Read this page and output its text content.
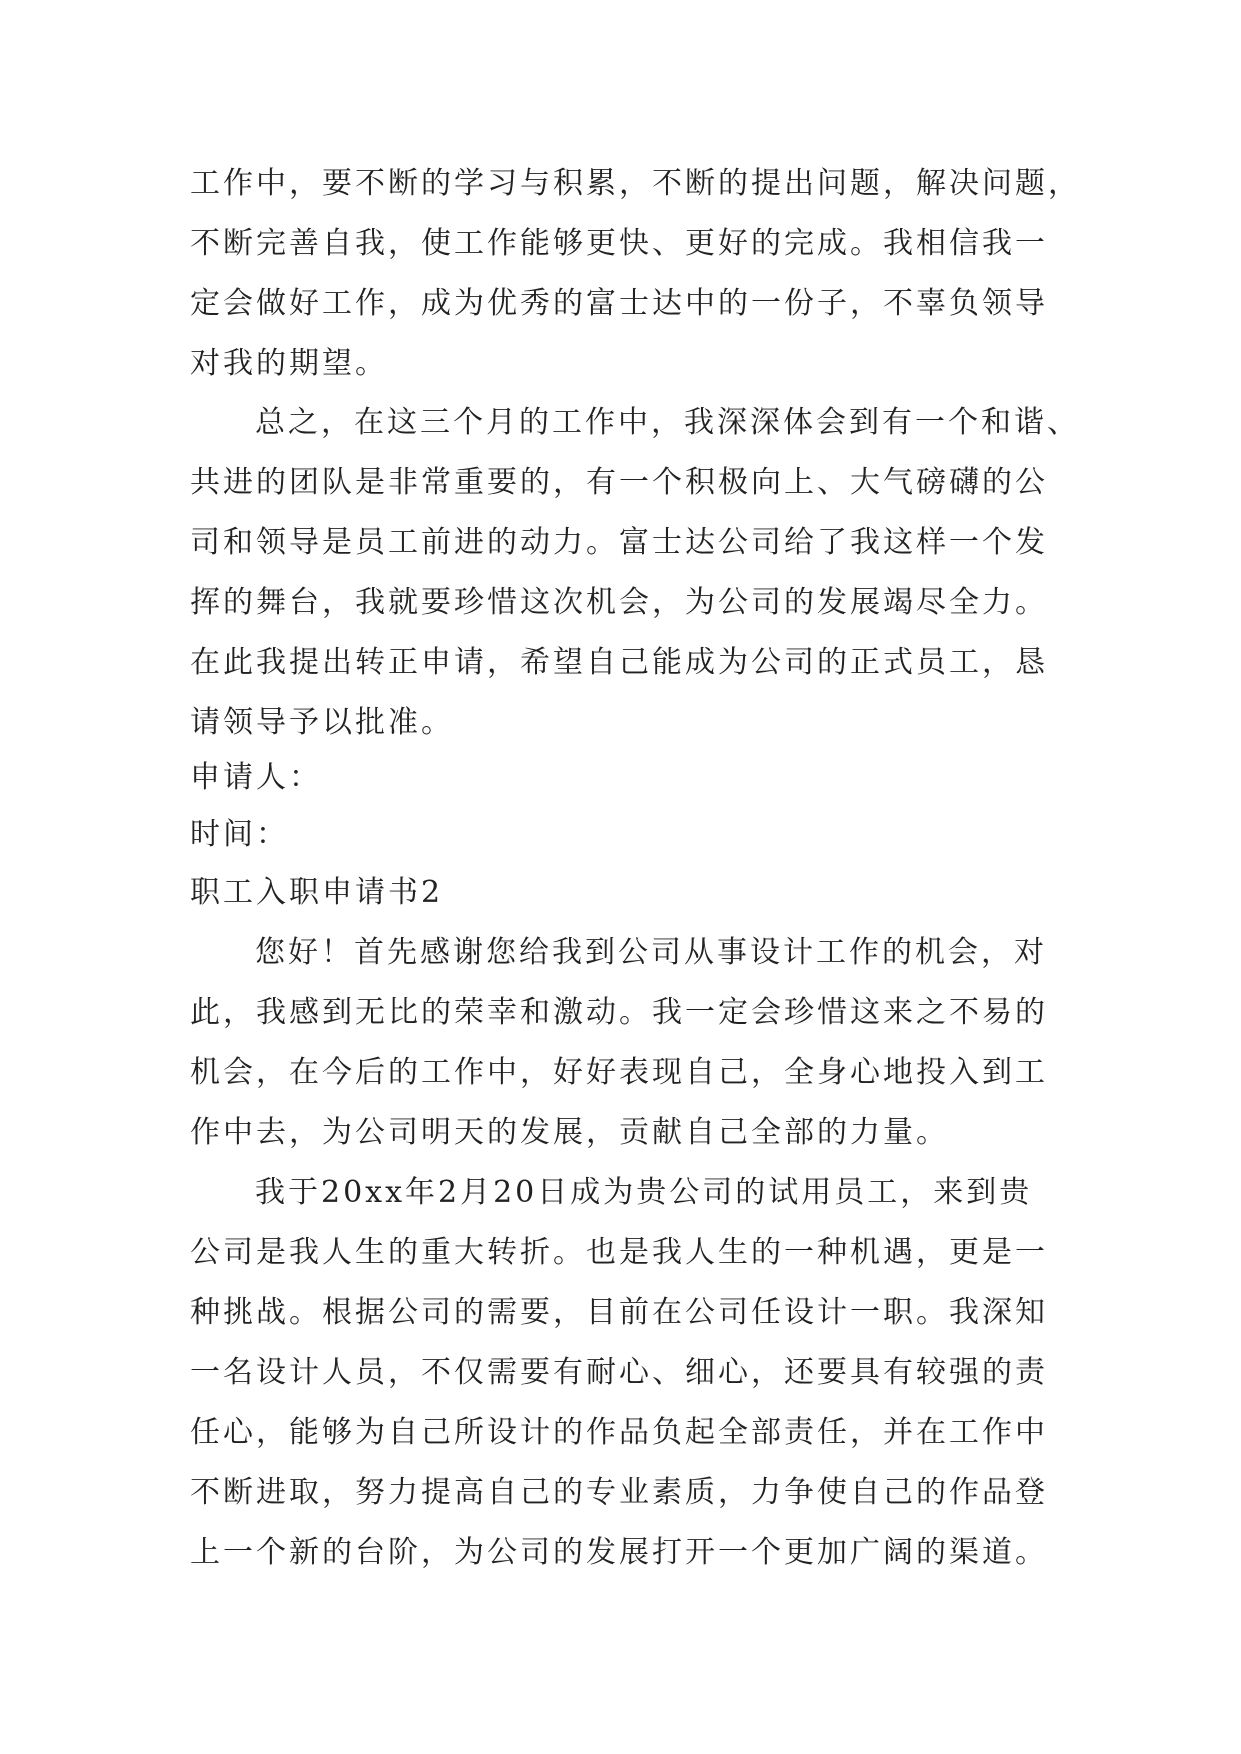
工作中，要不断的学习与积累，不断的提出问题，解决问题，
不断完善自我，使工作能够更快、更好的完成。我相信我一
定会做好工作，成为优秀的富士达中的一份子，不辜负领导
对我的期望。
总之，在这三个月的工作中，我深深体会到有一个和谐、
共进的团队是非常重要的，有一个积极向上、大气磅礴的公
司和领导是员工前进的动力。富士达公司给了我这样一个发
挥的舞台，我就要珍惜这次机会，为公司的发展竭尽全力。
在此我提出转正申请，希望自己能成为公司的正式员工，恳
请领导予以批准。
申请人：
时间：
职工入职申请书2
您好！首先感谢您给我到公司从事设计工作的机会，对
此，我感到无比的荣幸和激动。我一定会珍惜这来之不易的
机会，在今后的工作中，好好表现自己，全身心地投入到工
作中去，为公司明天的发展，贡献自己全部的力量。
我于20xx年2月20日成为贵公司的试用员工，来到贵
公司是我人生的重大转折。也是我人生的一种机遇，更是一
种挑战。根据公司的需要，目前在公司任设计一职。我深知
一名设计人员，不仅需要有耐心、细心，还要具有较强的责
任心，能够为自己所设计的作品负起全部责任，并在工作中
不断进取，努力提高自己的专业素质，力争使自己的作品登
上一个新的台阶，为公司的发展打开一个更加广阔的渠道。
